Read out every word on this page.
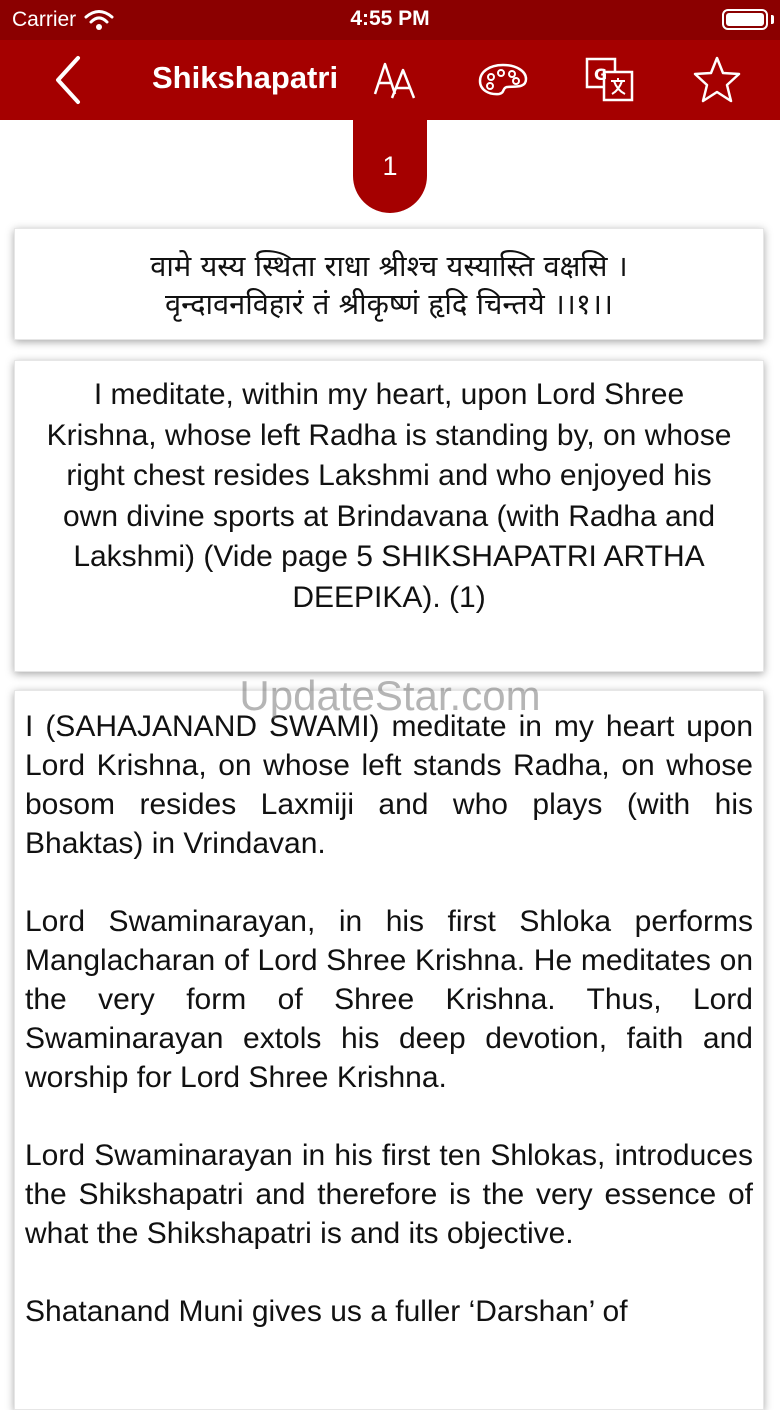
Carrier	4:55 PM
Shikshapatri	G
1
वामे यस्य स्थिता राधा श्रीश्च यस्यास्ति वक्षसि ।
वृन्दावनविहारं तं श्रीकृष्णं हृदि चिन्तये ।।१।।
I meditate, within my heart, upon Lord Shree Krishna, whose left Radha is standing by, on whose right chest resides Lakshmi and who enjoyed his own divine sports at Brindavana (with Radha and
Lakshmi) (Vide page 5 SHIKSHAPATRI ARTHA DEEPIKA). (1)

I (SAHAJANAND SWAMI) meditate in my heart upon Lord Krishna, on whose left stands Radha, on whose bosom resides Laxmiji and who plays (with his Bhaktas) in Vrindavan.

Lord Swaminarayan, in his first Shloka performs Manglacharan of Lord Shree Krishna. He meditates on the very form of Shree Krishna. Thus, Lord Swaminarayan extols his deep devotion, faith and worship for Lord Shree Krishna.

Lord Swaminarayan in his first ten Shlokas, introduces the Shikshapatri and therefore is the very essence of what the Shikshapatri is and its objective.

Shatanand Muni gives us a fuller ‘Darshan’ of

UpdateStar.com
